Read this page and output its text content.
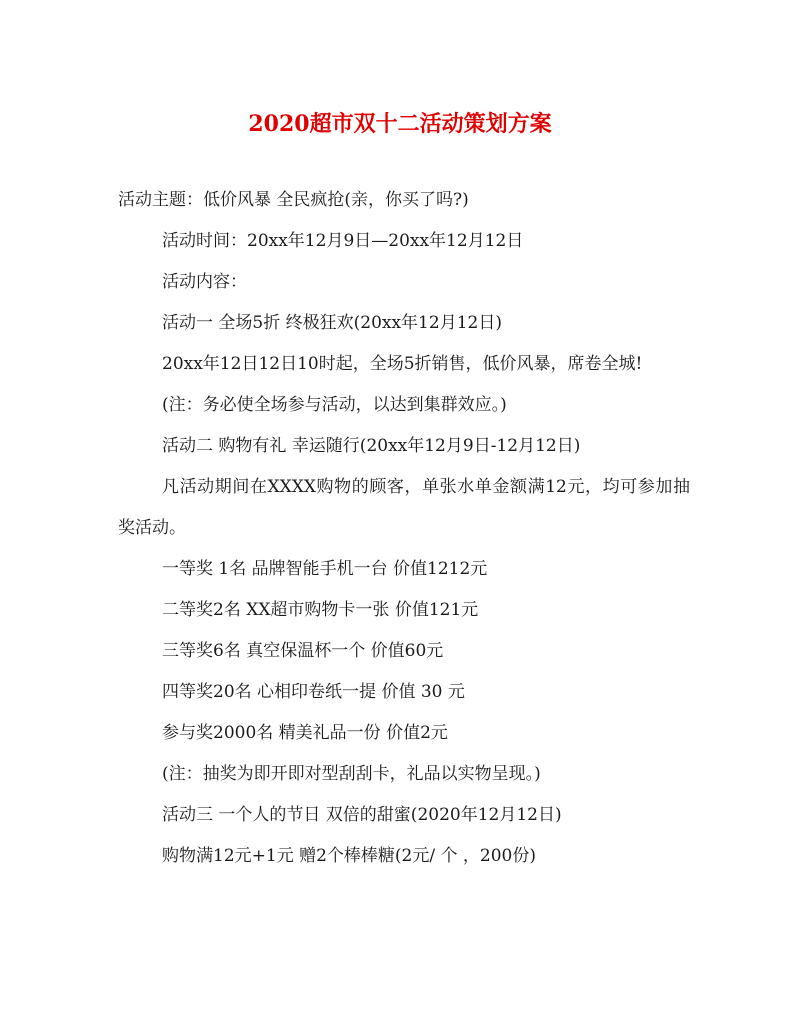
2020超市双十二活动策划方案

活动主题：低价风暴 全民疯抢(亲，你买了吗?)

活动时间：20xx年12月9日—20xx年12月12日

活动内容：

活动一 全场5折 终极狂欢(20xx年12月12日)

20xx年12日12日10时起，全场5折销售，低价风暴，席卷全城!

(注：务必使全场参与活动，以达到集群效应。)

活动二 购物有礼 幸运随行(20xx年12月9日-12月12日)

凡活动期间在XXXX购物的顾客，单张水单金额满12元，均可参加抽奖活动。

一等奖 1名 品牌智能手机一台 价值1212元

二等奖2名 XX超市购物卡一张 价值121元

三等奖6名 真空保温杯一个 价值60元

四等奖20名 心相印卷纸一提 价值 30 元

参与奖2000名 精美礼品一份 价值2元

(注：抽奖为即开即对型刮刮卡，礼品以实物呈现。)

活动三 一个人的节日 双倍的甜蜜(2020年12月12日)

购物满12元+1元 赠2个棒棒糖(2元/ 个 ，200份)
